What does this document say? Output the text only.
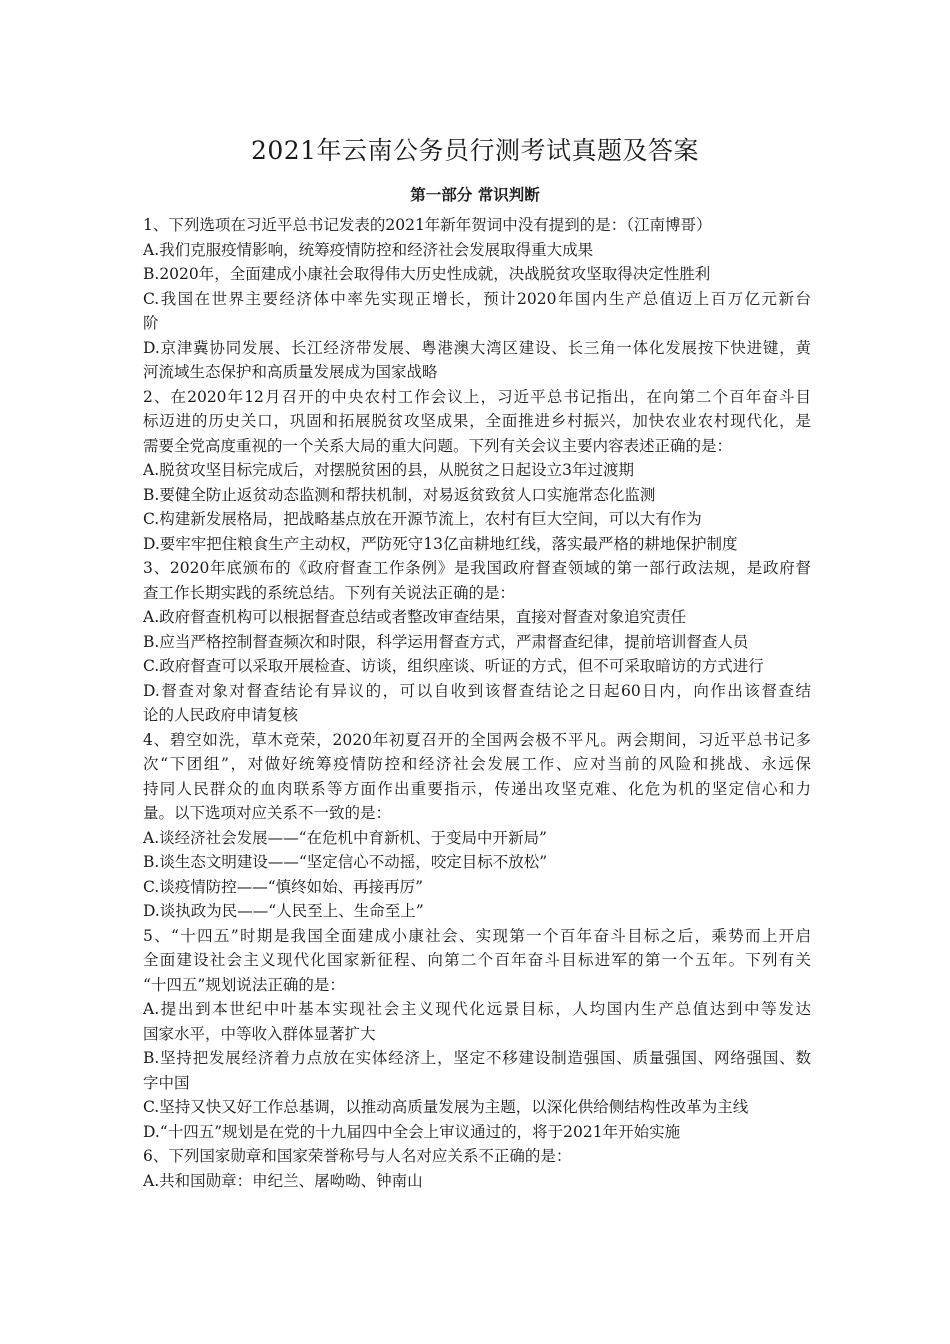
2021年云南公务员行测考试真题及答案
第一部分 常识判断
1、下列选项在习近平总书记发表的2021年新年贺词中没有提到的是：（江南博哥）
A.我们克服疫情影响，统筹疫情防控和经济社会发展取得重大成果
B.2020年，全面建成小康社会取得伟大历史性成就，决战脱贫攻坚取得决定性胜利
C.我国在世界主要经济体中率先实现正增长，预计2020年国内生产总值迈上百万亿元新台
阶
D.京津冀协同发展、长江经济带发展、粤港澳大湾区建设、长三角一体化发展按下快进键，黄
河流域生态保护和高质量发展成为国家战略
2、在2020年12月召开的中央农村工作会议上，习近平总书记指出，在向第二个百年奋斗目
标迈进的历史关口，巩固和拓展脱贫攻坚成果，全面推进乡村振兴，加快农业农村现代化，是
需要全党高度重视的一个关系大局的重大问题。下列有关会议主要内容表述正确的是：
A.脱贫攻坚目标完成后，对摆脱贫困的县，从脱贫之日起设立3年过渡期
B.要健全防止返贫动态监测和帮扶机制，对易返贫致贫人口实施常态化监测
C.构建新发展格局，把战略基点放在开源节流上，农村有巨大空间，可以大有作为
D.要牢牢把住粮食生产主动权，严防死守13亿亩耕地红线，落实最严格的耕地保护制度
3、2020年底颁布的《政府督查工作条例》是我国政府督查领域的第一部行政法规，是政府督
查工作长期实践的系统总结。下列有关说法正确的是：
A.政府督查机构可以根据督查总结或者整改审查结果，直接对督查对象追究责任
B.应当严格控制督查频次和时限，科学运用督查方式，严肃督查纪律，提前培训督查人员
C.政府督查可以采取开展检查、访谈，组织座谈、听证的方式，但不可采取暗访的方式进行
D.督查对象对督查结论有异议的，可以自收到该督查结论之日起60日内，向作出该督查结
论的人民政府申请复核
4、碧空如洗，草木竞荣，2020年初夏召开的全国两会极不平凡。两会期间，习近平总书记多
次“下团组”，对做好统筹疫情防控和经济社会发展工作、应对当前的风险和挑战、永远保
持同人民群众的血肉联系等方面作出重要指示，传递出攻坚克难、化危为机的坚定信心和力
量。以下选项对应关系不一致的是：
A.谈经济社会发展——“在危机中育新机、于变局中开新局”
B.谈生态文明建设——“坚定信心不动摇，咬定目标不放松”
C.谈疫情防控——“慎终如始、再接再厉”
D.谈执政为民——“人民至上、生命至上”
5、“十四五”时期是我国全面建成小康社会、实现第一个百年奋斗目标之后，乘势而上开启
全面建设社会主义现代化国家新征程、向第二个百年奋斗目标进军的第一个五年。下列有关
“十四五”规划说法正确的是：
A.提出到本世纪中叶基本实现社会主义现代化远景目标，人均国内生产总值达到中等发达
国家水平，中等收入群体显著扩大
B.坚持把发展经济着力点放在实体经济上，坚定不移建设制造强国、质量强国、网络强国、数
字中国
C.坚持又快又好工作总基调，以推动高质量发展为主题，以深化供给侧结构性改革为主线
D.“十四五”规划是在党的十九届四中全会上审议通过的，将于2021年开始实施
6、下列国家勋章和国家荣誉称号与人名对应关系不正确的是：
A.共和国勋章：申纪兰、屠呦呦、钟南山
